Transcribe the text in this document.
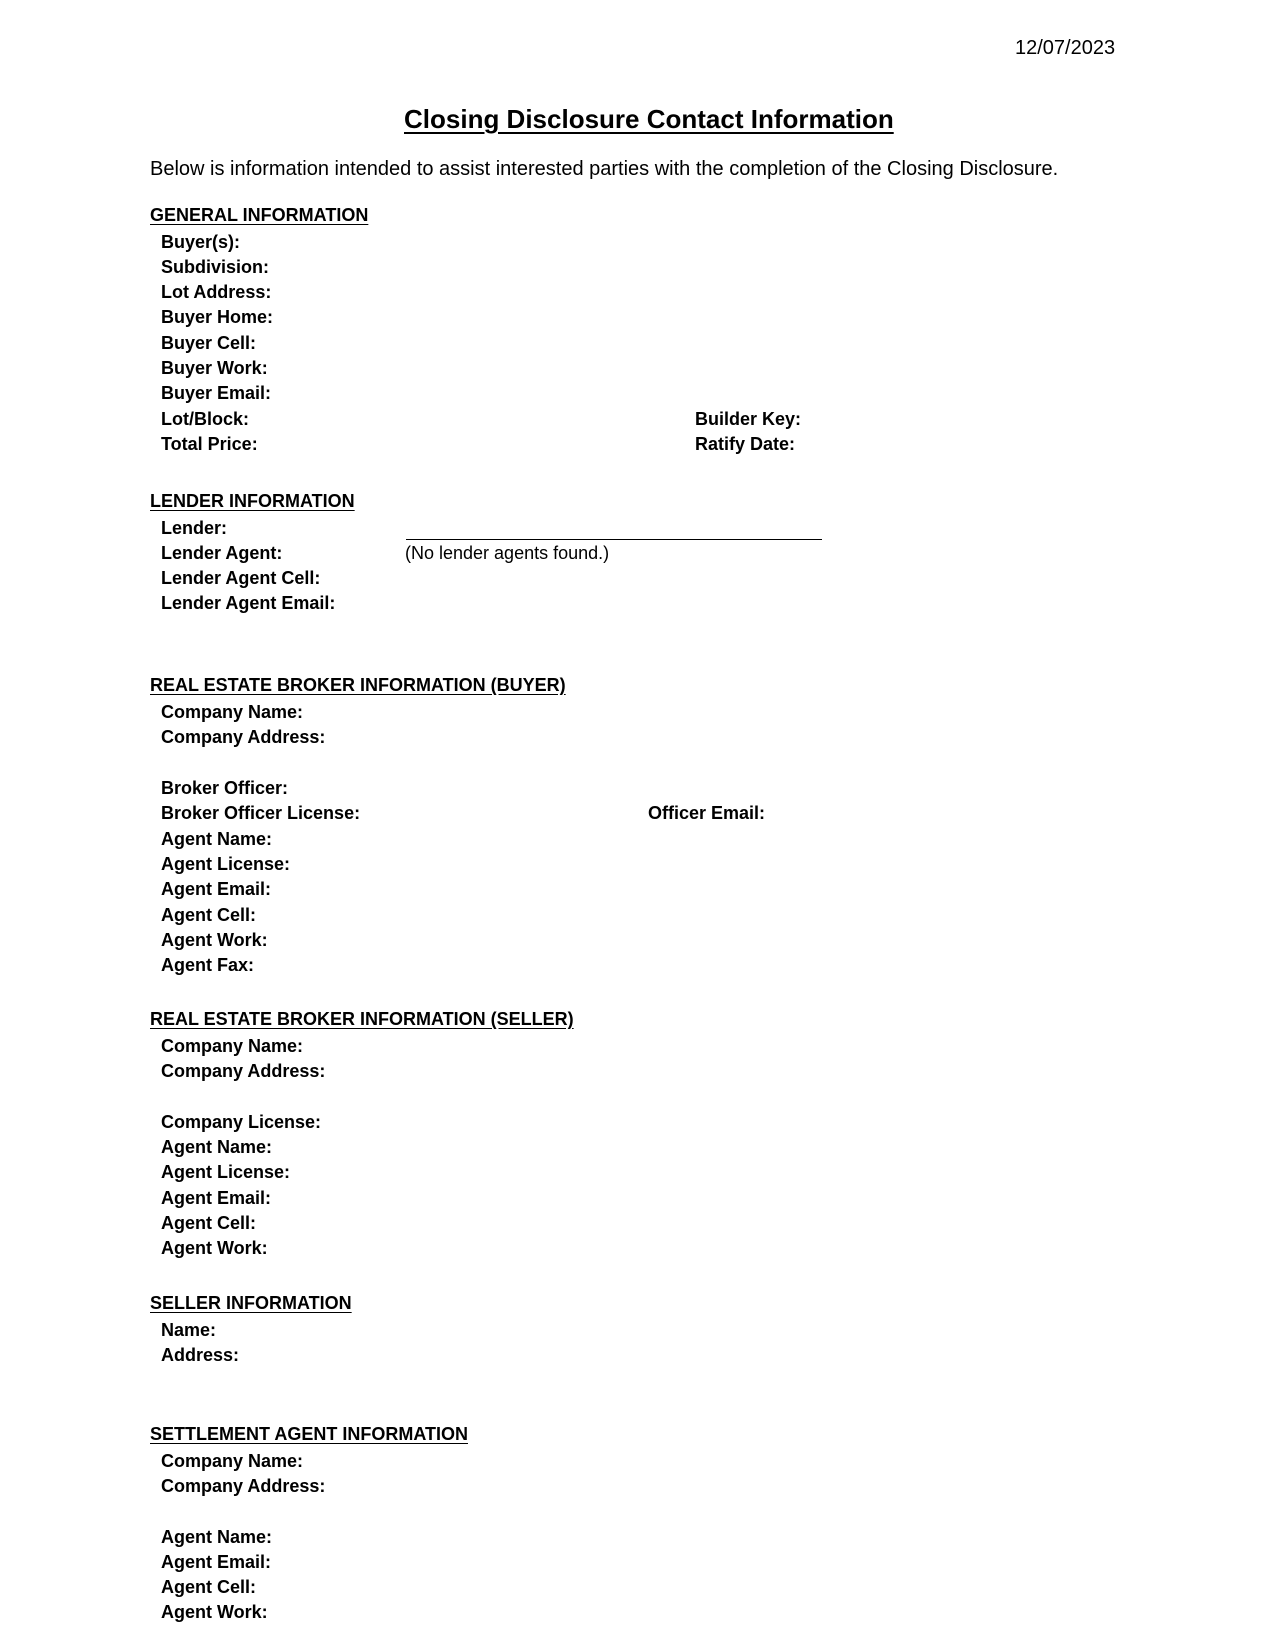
12/07/2023
Closing Disclosure Contact Information
Below is information intended to assist interested parties with the completion of the Closing Disclosure.
GENERAL INFORMATION
Buyer(s):
Subdivision:
Lot Address:
Buyer Home:
Buyer Cell:
Buyer Work:
Buyer Email:
Lot/Block:
Total Price:
Builder Key:
Ratify Date:
LENDER INFORMATION
Lender:
Lender Agent:	(No lender agents found.)
Lender Agent Cell:
Lender Agent Email:
REAL ESTATE BROKER INFORMATION (BUYER)
Company Name:
Company Address:
Broker Officer:
Broker Officer License:	Officer Email:
Agent Name:
Agent License:
Agent Email:
Agent Cell:
Agent Work:
Agent Fax:
REAL ESTATE BROKER INFORMATION (SELLER)
Company Name:
Company Address:
Company License:
Agent Name:
Agent License:
Agent Email:
Agent Cell:
Agent Work:
SELLER INFORMATION
Name:
Address:
SETTLEMENT AGENT INFORMATION
Company Name:
Company Address:
Agent Name:
Agent Email:
Agent Cell:
Agent Work:
